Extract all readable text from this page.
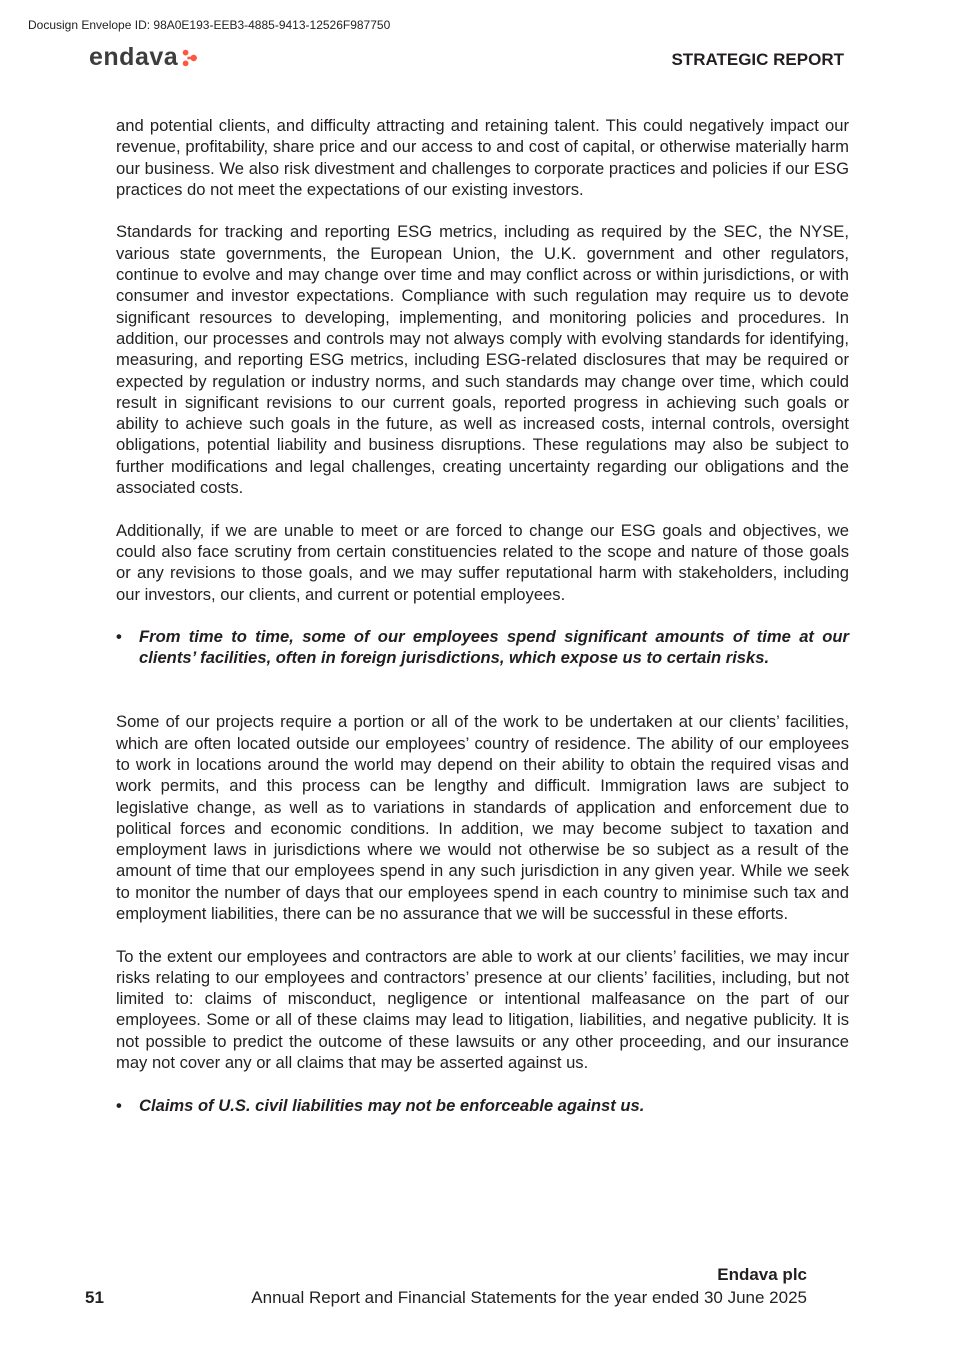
Docusign Envelope ID: 98A0E193-EEB3-4885-9413-12526F987750
endava	STRATEGIC REPORT

and potential clients, and difficulty attracting and retaining talent. This could negatively impact our revenue, profitability, share price and our access to and cost of capital, or otherwise materially harm our business. We also risk divestment and challenges to corporate practices and policies if our ESG practices do not meet the expectations of our existing investors.

Standards for tracking and reporting ESG metrics, including as required by the SEC, the NYSE, various state governments, the European Union, the U.K. government and other regulators, continue to evolve and may change over time and may conflict across or within jurisdictions, or with consumer and investor expectations. Compliance with such regulation may require us to devote significant resources to developing, implementing, and monitoring policies and procedures. In addition, our processes and controls may not always comply with evolving standards for identifying, measuring, and reporting ESG metrics, including ESG-related disclosures that may be required or expected by regulation or industry norms, and such standards may change over time, which could result in significant revisions to our current goals, reported progress in achieving such goals or ability to achieve such goals in the future, as well as increased costs, internal controls, oversight obligations, potential liability and business disruptions. These regulations may also be subject to further modifications and legal challenges, creating uncertainty regarding our obligations and the associated costs.

Additionally, if we are unable to meet or are forced to change our ESG goals and objectives, we could also face scrutiny from certain constituencies related to the scope and nature of those goals or any revisions to those goals, and we may suffer reputational harm with stakeholders, including our investors, our clients, and current or potential employees.

•	From time to time, some of our employees spend significant amounts of time at our clients’ facilities, often in foreign jurisdictions, which expose us to certain risks.

Some of our projects require a portion or all of the work to be undertaken at our clients’ facilities, which are often located outside our employees’ country of residence. The ability of our employees to work in locations around the world may depend on their ability to obtain the required visas and work permits, and this process can be lengthy and difficult. Immigration laws are subject to legislative change, as well as to variations in standards of application and enforcement due to political forces and economic conditions. In addition, we may become subject to taxation and employment laws in jurisdictions where we would not otherwise be so subject as a result of the amount of time that our employees spend in any such jurisdiction in any given year. While we seek to monitor the number of days that our employees spend in each country to minimise such tax and employment liabilities, there can be no assurance that we will be successful in these efforts.

To the extent our employees and contractors are able to work at our clients’ facilities, we may incur risks relating to our employees and contractors’ presence at our clients’ facilities, including, but not limited to: claims of misconduct, negligence or intentional malfeasance on the part of our employees. Some or all of these claims may lead to litigation, liabilities, and negative publicity. It is not possible to predict the outcome of these lawsuits or any other proceeding, and our insurance may not cover any or all claims that may be asserted against us.

•	Claims of U.S. civil liabilities may not be enforceable against us.
Endava plc
51	Annual Report and Financial Statements for the year ended 30 June 2025
